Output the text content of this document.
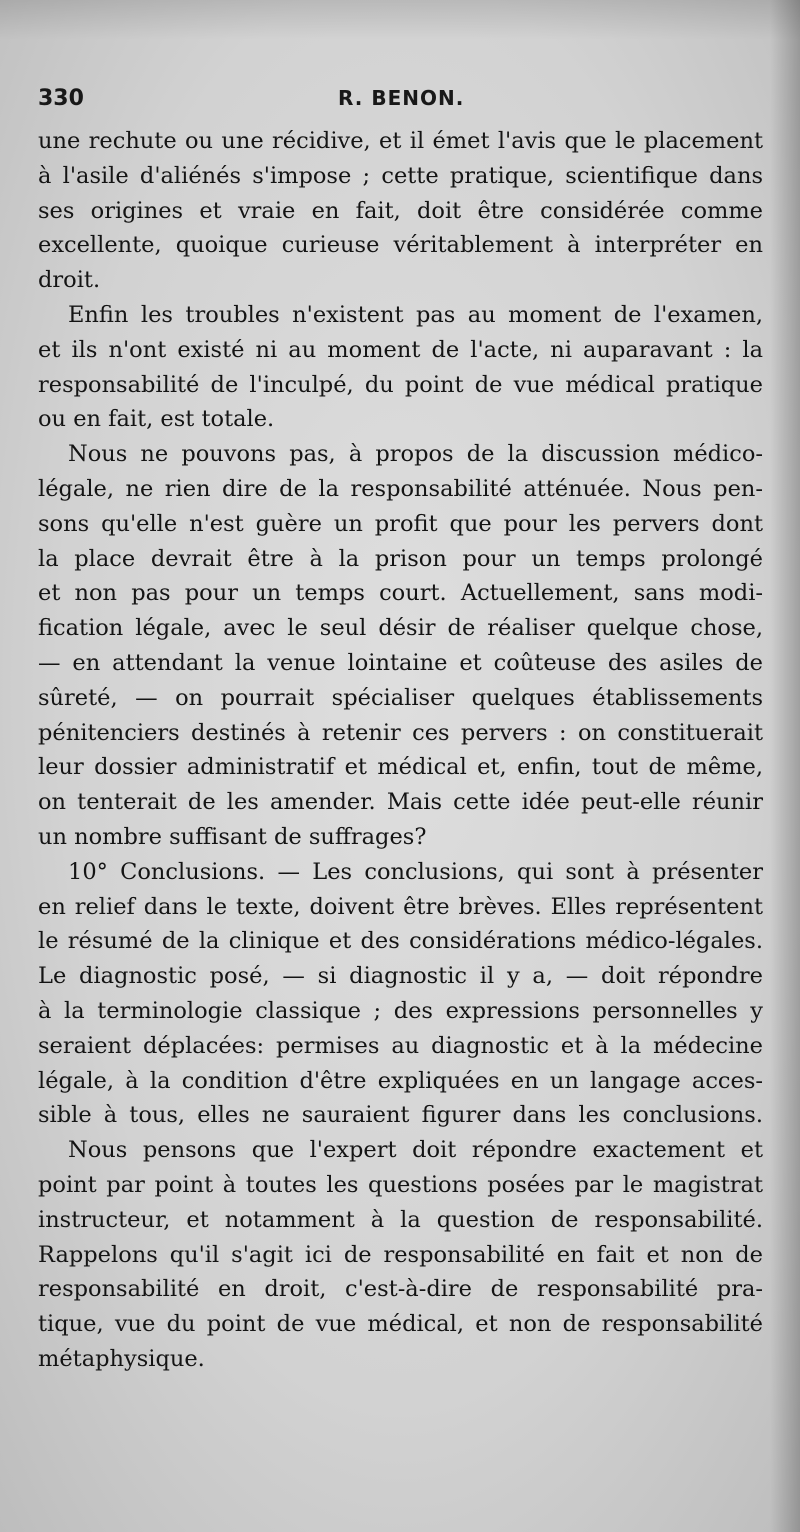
330	R. BENON.
une rechute ou une récidive, et il émet l'avis que le placement
à l'asile d'aliénés s'impose ; cette pratique, scientifique dans
ses origines et vraie en fait, doit être considérée comme
excellente, quoique curieuse véritablement à interpréter en
droit.
Enfin les troubles n'existent pas au moment de l'examen,
et ils n'ont existé ni au moment de l'acte, ni auparavant : la
responsabilité de l'inculpé, du point de vue médical pratique
ou en fait, est totale.
Nous ne pouvons pas, à propos de la discussion médico-
légale, ne rien dire de la responsabilité atténuée. Nous pen-
sons qu'elle n'est guère un profit que pour les pervers dont
la place devrait être à la prison pour un temps prolongé
et non pas pour un temps court. Actuellement, sans modi-
fication légale, avec le seul désir de réaliser quelque chose,
— en attendant la venue lointaine et coûteuse des asiles de
sûreté, — on pourrait spécialiser quelques établissements
pénitenciers destinés à retenir ces pervers : on constituerait
leur dossier administratif et médical et, enfin, tout de même,
on tenterait de les amender. Mais cette idée peut-elle réunir
un nombre suffisant de suffrages?
10° Conclusions. — Les conclusions, qui sont à présenter
en relief dans le texte, doivent être brèves. Elles représentent
le résumé de la clinique et des considérations médico-légales.
Le diagnostic posé, — si diagnostic il y a, — doit répondre
à la terminologie classique ; des expressions personnelles y
seraient déplacées: permises au diagnostic et à la médecine
légale, à la condition d'être expliquées en un langage acces-
sible à tous, elles ne sauraient figurer dans les conclusions.
Nous pensons que l'expert doit répondre exactement et
point par point à toutes les questions posées par le magistrat
instructeur, et notamment à la question de responsabilité.
Rappelons qu'il s'agit ici de responsabilité en fait et non de
responsabilité en droit, c'est-à-dire de responsabilité pra-
tique, vue du point de vue médical, et non de responsabilité
métaphysique.
